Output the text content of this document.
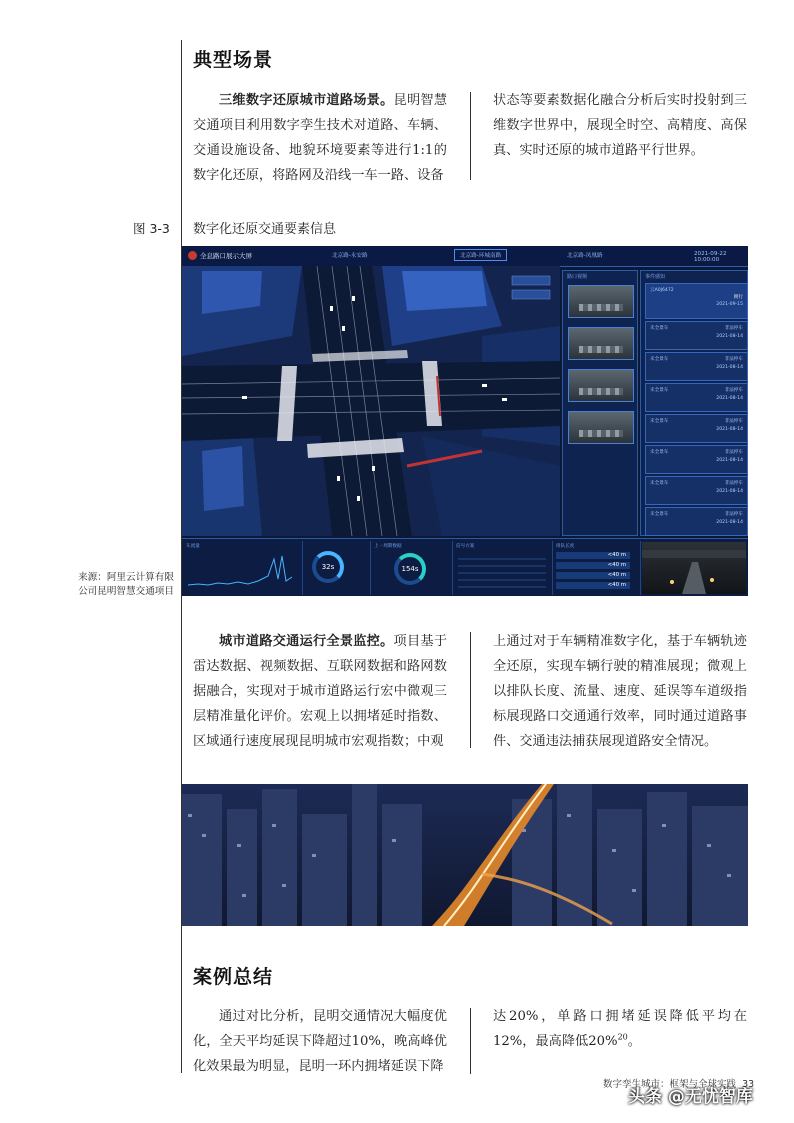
典型场景
三维数字还原城市道路场景。昆明智慧交通项目利用数字孪生技术对道路、车辆、交通设施设备、地貌环境要素等进行1:1的数字化还原，将路网及沿线一车一路、设备
状态等要素数据化融合分析后实时投射到三维数字世界中，展现全时空、高精度、高保真、实时还原的城市道路平行世界。
图 3-3 数字化还原交通要素信息
来源：阿里云计算有限公司昆明智慧交通项目
全息路口展示大屏	北京路-永安路	北京路-环城南路	北京路-凤凰路	2021-09-22 10:00:00
路口视频	事件感知
云A0J6472
拥行
2021-09-15
未全景车	非法停车
2021-08-14
未全景车	非法停车
2021-08-14
未全景车	非法停车
2021-08-14
未全景车	非法停车
2021-08-14
未全景车	非法停车
2021-08-14
未全景车	非法停车
2021-08-14
未全景车	非法停车
2021-08-14
车流量
32s
上一周期数据
154s
信号方案	排队长度
<40 m
<40 m
<40 m
<40 m
城市道路交通运行全景监控。项目基于雷达数据、视频数据、互联网数据和路网数据融合，实现对于城市道路运行宏中微观三层精准量化评价。宏观上以拥堵延时指数、区域通行速度展现昆明城市宏观指数；中观
上通过对于车辆精准数字化，基于车辆轨迹全还原，实现车辆行驶的精准展现；微观上以排队长度、流量、速度、延误等车道级指标展现路口交通通行效率，同时通过道路事件、交通违法捕获展现道路安全情况。
案例总结
通过对比分析，昆明交通情况大幅度优化，全天平均延误下降超过10%，晚高峰优化效果最为明显，昆明一环内拥堵延误下降
达20%，单路口拥堵延误降低平均在12%，最高降低20%$^{20}$。
数字孪生城市：框架与全球实践 33
头条 @无忧智库
